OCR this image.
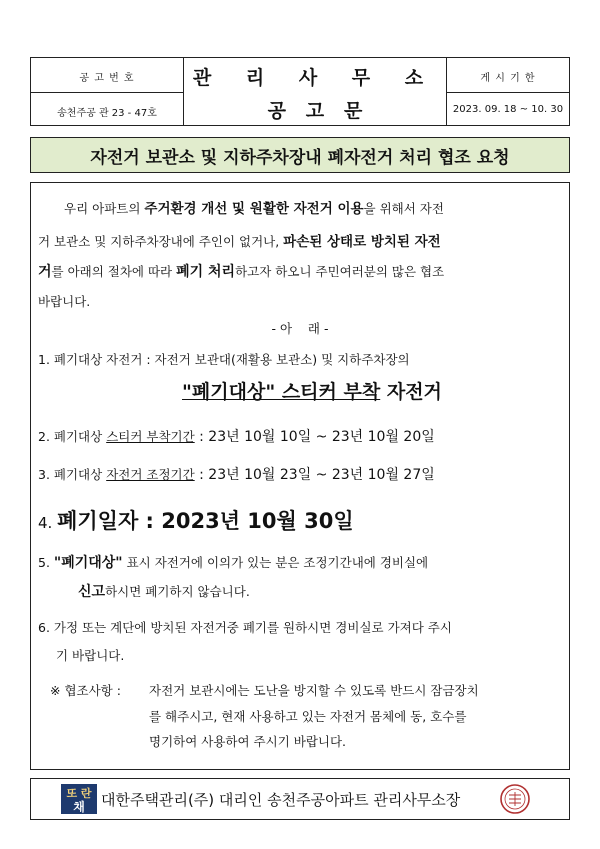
공 고 번 호
송천주공 관 23 - 47호
관 리 사 무 소
공   고   문
게 시 기 한
2023. 09. 18 ~ 10. 30
자전거 보관소 및 지하주차장내 폐자전거 처리 협조 요청
우리 아파트의 주거환경 개선 및 원활한 자전거 이용을 위해서 자전
거 보관소 및 지하주차장내에 주인이 없거나, 파손된 상태로 방치된 자전
거를 아래의 절차에 따라 폐기 처리하고자 하오니 주민여러분의 많은 협조
바랍니다.
- 아    래 -
1. 폐기대상 자전거 : 자전거 보관대(재활용 보관소) 및 지하주차장의
"폐기대상" 스티커 부착 자전거
2. 폐기대상 스티커 부착기간 : 23년 10월 10일 ~ 23년 10월 20일
3. 폐기대상 자전거 조정기간 : 23년 10월 23일 ~ 23년 10월 27일
4. 폐기일자 : 2023년 10월 30일
5. "폐기대상" 표시 자전거에 이의가 있는 분은 조정기간내에 경비실에
신고하시면 폐기하지 않습니다.
6. 가정 또는 계단에 방치된 자전거중 폐기를 원하시면 경비실로 가져다 주시
기 바랍니다.
※ 협조사항 : 자전거 보관시에는 도난을 방지할 수 있도록 반드시 잠금장치
를 해주시고, 현재 사용하고 있는 자전거 몸체에 동, 호수를
명기하여 사용하여 주시기 바랍니다.
또 란
채	대한주택관리(주) 대리인 송천주공아파트 관리사무소장
